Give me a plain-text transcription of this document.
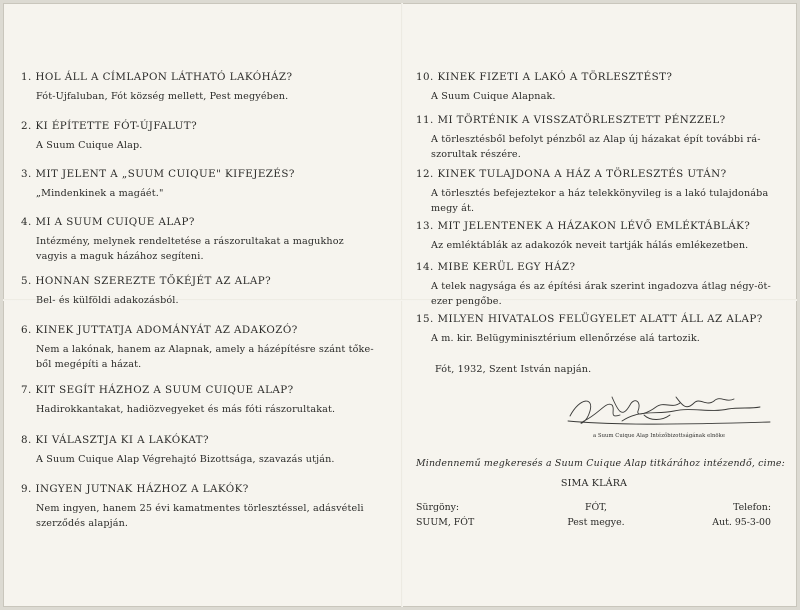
1. HOL ÁLL A CÍMLAPON LÁTHATÓ LAKÓHÁZ?
Fót-Ujfaluban, Fót község mellett, Pest megyében.
2. KI ÉPÍTETTE FÓT-ÚJFALUT?
A Suum Cuique Alap.
3. MIT JELENT A „SUUM CUIQUE" KIFEJEZÉS?
„Mindenkinek a magáét."
4. MI A SUUM CUIQUE ALAP?
Intézmény, melynek rendeltetése a rászorultakat a magukhoz
vagyis a maguk házához segíteni.
5. HONNAN SZEREZTE TŐKÉJÉT AZ ALAP?
Bel- és külföldi adakozásból.
6. KINEK JUTTATJA ADOMÁNYÁT AZ ADAKOZÓ?
Nem a lakónak, hanem az Alapnak, amely a házépítésre szánt tőke-
ből megépíti a házat.
7. KIT SEGÍT HÁZHOZ A SUUM CUIQUE ALAP?
Hadirokkantakat, hadiözvegyeket és más fóti rászorultakat.
8. KI VÁLASZTJA KI A LAKÓKAT?
A Suum Cuique Alap Végrehajtó Bizottsága, szavazás utján.
9. INGYEN JUTNAK HÁZHOZ A LAKÓK?
Nem ingyen, hanem 25 évi kamatmentes törlesztéssel, adásvételi
szerződés alapján.
10. KINEK FIZETI A LAKÓ A TÖRLESZTÉST?
A Suum Cuique Alapnak.
11. MI TÖRTÉNIK A VISSZATÖRLESZTETT PÉNZZEL?
A törlesztésből befolyt pénzből az Alap új házakat épít további rá-
szorultak részére.
12. KINEK TULAJDONA A HÁZ A TÖRLESZTÉS UTÁN?
A törlesztés befejeztekor a ház telekkönyvileg is a lakó tulajdonába
megy át.
13. MIT JELENTENEK A HÁZAKON LÉVŐ EMLÉKTÁBLÁK?
Az emléktáblák az adakozók neveit tartják hálás emlékezetben.
14. MIBE KERÜL EGY HÁZ?
A telek nagysága és az építési árak szerint ingadozva átlag négy-öt-
ezer pengőbe.
15. MILYEN HIVATALOS FELÜGYELET ALATT ÁLL AZ ALAP?
A m. kir. Belügyminisztérium ellenőrzése alá tartozik.
Fót, 1932, Szent István napján.
a Suum Cuique Alap Intézőbizottságának elnöke
Mindennemű megkeresés a Suum Cuique Alap titkárához intézendő, cime:
SIMA KLÁRA
Sürgöny:
SUUM, FÓT
FÓT,
Pest megye.
Telefon:
Aut. 95-3-00
